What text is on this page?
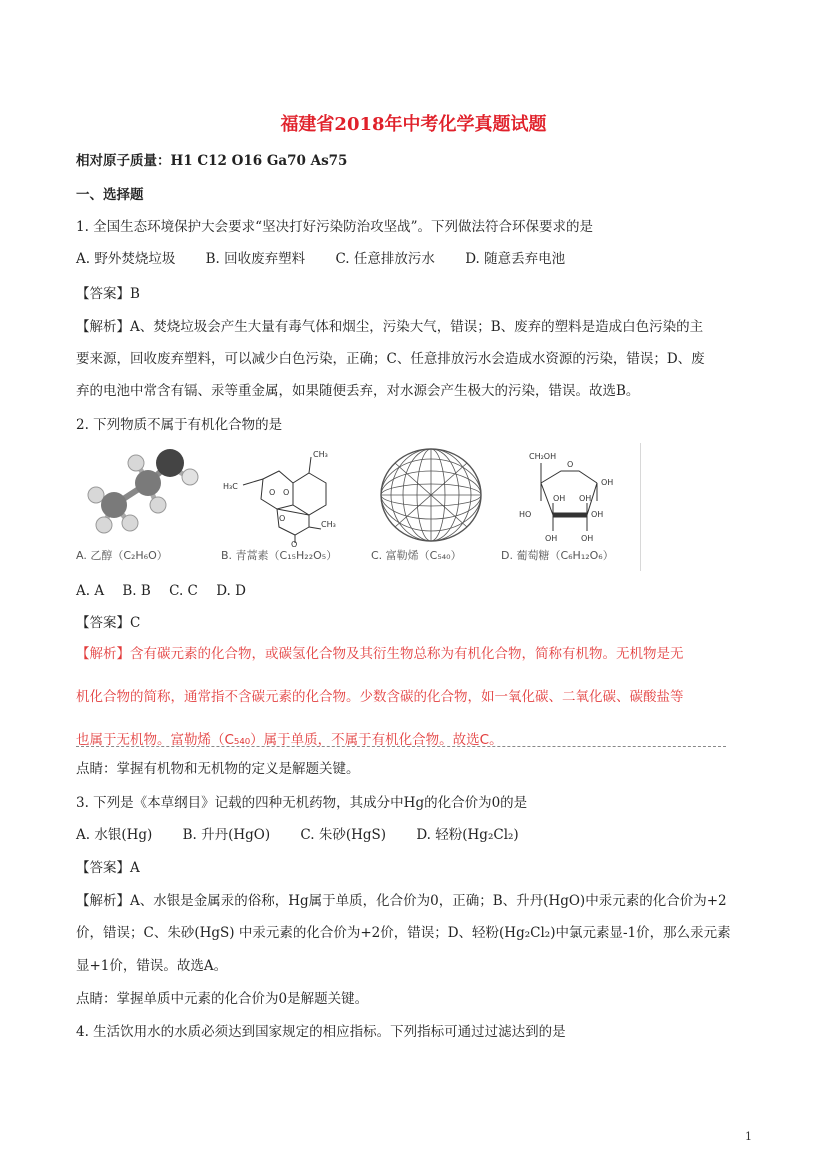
福建省2018年中考化学真题试题
相对原子质量：H1 C12 O16 Ga70 As75
一、选择题
1. 全国生态环境保护大会要求“坚决打好污染防治攻坚战”。下列做法符合环保要求的是
A. 野外焚烧垃圾 B. 回收废弃塑料 C. 任意排放污水 D. 随意丢弃电池
【答案】B
【解析】A、焚烧垃圾会产生大量有毒气体和烟尘，污染大气，错误；B、废弃的塑料是造成白色污染的主
要来源，回收废弃塑料，可以减少白色污染，正确；C、任意排放污水会造成水资源的污染，错误；D、废
弃的电池中常含有镉、汞等重金属，如果随便丢弃，对水源会产生极大的污染，错误。故选B。
2. 下列物质不属于有机化合物的是
A. 乙醇（C₂H₆O）
CH₃
H₃C
O O
O
O
CH₃
B. 青蒿素（C₁₅H₂₂O₅）	C. 富勒烯（C₅₄₀）
CH₂OH
O
OH
HO	OH
OH	OH
OH OH
D. 葡萄糖（C₆H₁₂O₆）
A. A B. B C. C D. D
【答案】C
【解析】含有碳元素的化合物，或碳氢化合物及其衍生物总称为有机化合物，简称有机物。无机物是无
机化合物的简称，通常指不含碳元素的化合物。少数含碳的化合物，如一氧化碳、二氧化碳、碳酸盐等
也属于无机物。富勒烯（C₅₄₀）属于单质，不属于有机化合物。故选C。
点睛：掌握有机物和无机物的定义是解题关键。
3. 下列是《本草纲目》记载的四种无机药物，其成分中Hg的化合价为0的是
A. 水银(Hg) B. 升丹(HgO) C. 朱砂(HgS) D. 轻粉(Hg₂Cl₂)
【答案】A
【解析】A、水银是金属汞的俗称，Hg属于单质，化合价为0，正确；B、升丹(HgO)中汞元素的化合价为+2
价，错误；C、朱砂(HgS) 中汞元素的化合价为+2价，错误；D、轻粉(Hg₂Cl₂)中氯元素显-1价，那么汞元素
显+1价，错误。故选A。
点睛：掌握单质中元素的化合价为0是解题关键。
4. 生活饮用水的水质必须达到国家规定的相应指标。下列指标可通过过滤达到的是
1
